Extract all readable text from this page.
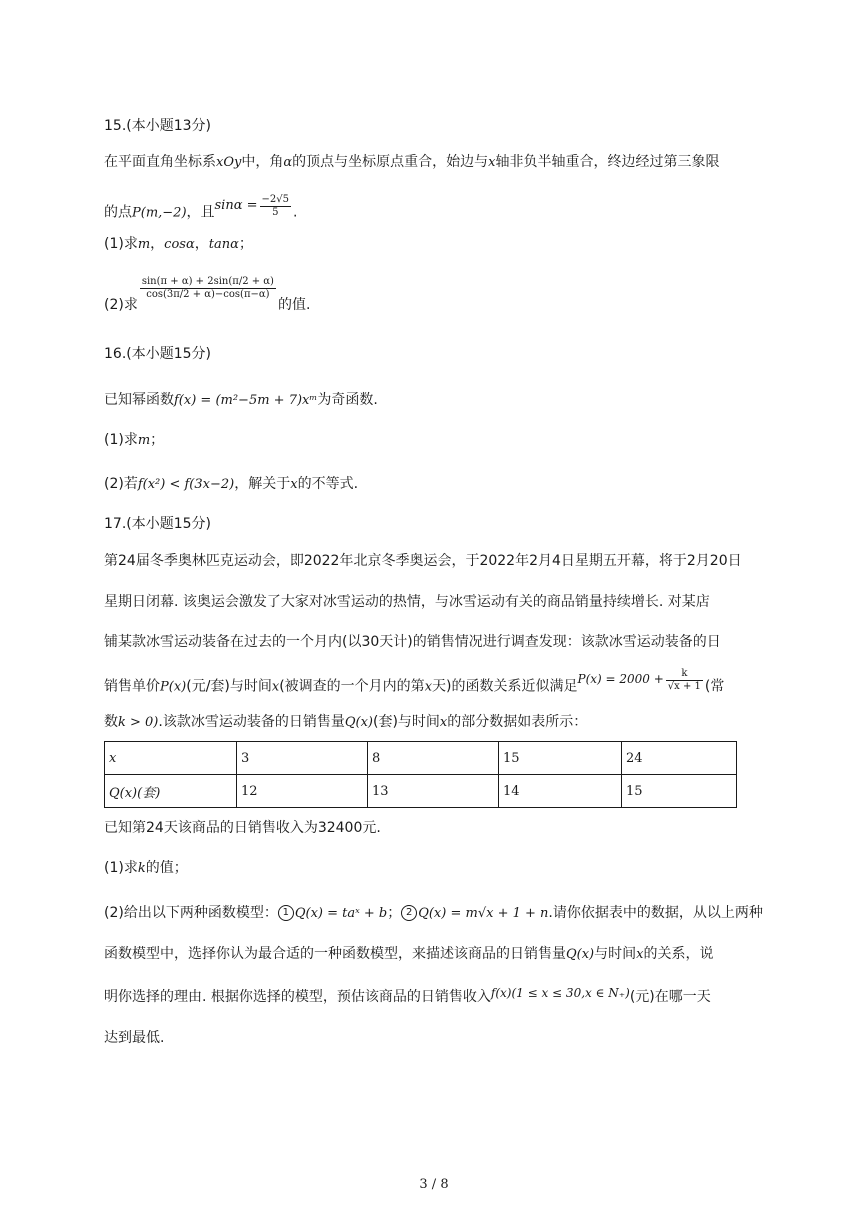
15.(本小题13分)
在平面直角坐标系xOy中，角α的顶点与坐标原点重合，始边与x轴非负半轴重合，终边经过第三象限
的点P(m,−2)，且$\sin\alpha = \frac{-2√5}{5}$ .
(1)求m，cosα，tanα；
(2)求
$\frac{\sin(\pi + \alpha) + 2\sin(\pi/2 + \alpha)}{\cos(3\pi/2 + \alpha)-\cos(\pi-\alpha)}$
的值.
16.(本小题15分)
已知幂函数f(x) = (m²−5m + 7)xᵐ为奇函数.
(1)求m；
(2)若f(x²) < f(3x−2)，解关于x的不等式.
17.(本小题15分)
第24届冬季奥林匹克运动会，即2022年北京冬季奥运会，于2022年2月4日星期五开幕，将于2月20日
星期日闭幕. 该奥运会激发了大家对冰雪运动的热情，与冰雪运动有关的商品销量持续增长. 对某店
铺某款冰雪运动装备在过去的一个月内(以30天计)的销售情况进行调查发现：该款冰雪运动装备的日
销售单价P(x)(元/套)与时间x(被调查的一个月内的第x天)的函数关系近似满足$P(x) = 2000 + \frac{k}{√x + 1}$ (常
数k > 0).该款冰雪运动装备的日销售量Q(x)(套)与时间x的部分数据如表所示：
x	3	8	15	24
Q(x)(套)	12	13	14	15
已知第24天该商品的日销售收入为32400元.
(1)求k的值；
(2)给出以下两种函数模型： 1 Q(x) = taˣ + b； 2 Q(x) = m√x + 1 + n.请你依据表中的数据，从以上两种
函数模型中，选择你认为最合适的一种函数模型，来描述该商品的日销售量Q(x)与时间x的关系，说
明你选择的理由. 根据你选择的模型，预估该商品的日销售收入f(x)(1 ≤ x ≤ 30,x ∈ N₊)(元)在哪一天
达到最低.
3 / 8
